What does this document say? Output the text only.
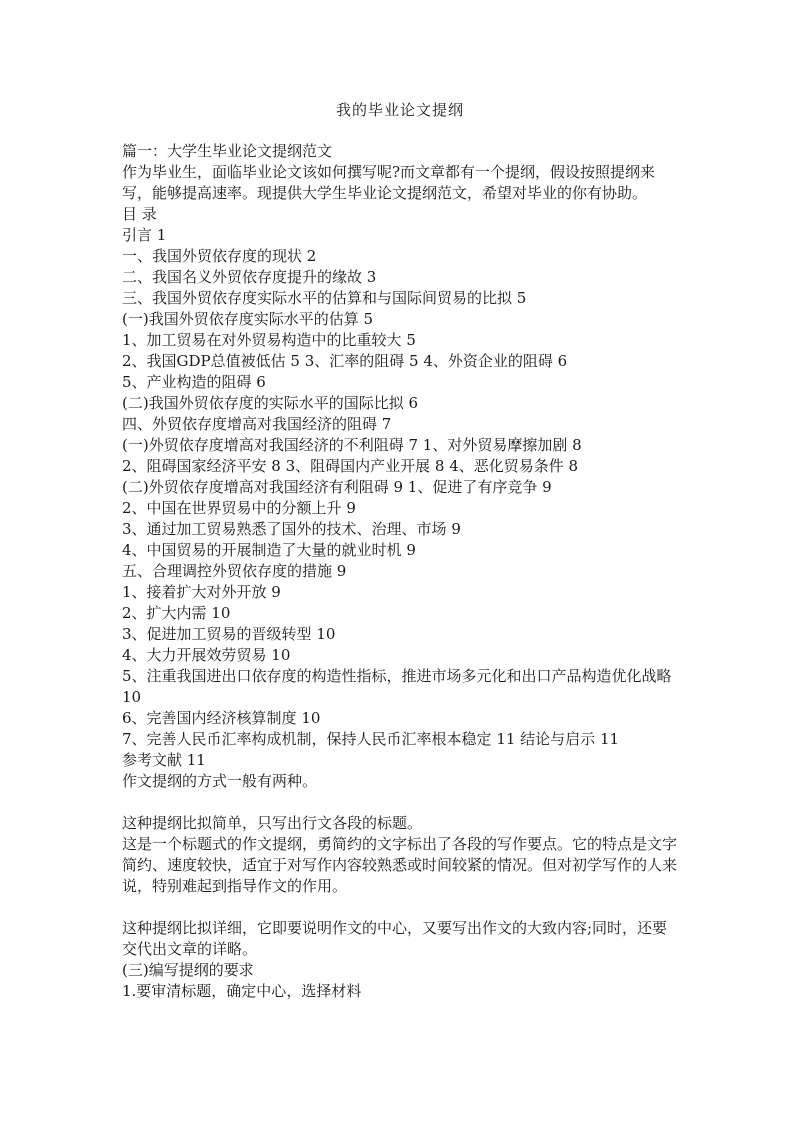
我的毕业论文提纲

篇一：大学生毕业论文提纲范文

作为毕业生，面临毕业论文该如何撰写呢?而文章都有一个提纲，假设按照提纲来写，能够提高速率。现提供大学生毕业论文提纲范文，希望对毕业的你有协助。

目 录

引言 1

一、我国外贸依存度的现状 2

二、我国名义外贸依存度提升的缘故 3

三、我国外贸依存度实际水平的估算和与国际间贸易的比拟 5

(一)我国外贸依存度实际水平的估算 5

1、加工贸易在对外贸易构造中的比重较大 5

2、我国GDP总值被低估 5 3、汇率的阻碍 5 4、外资企业的阻碍 6

5、产业构造的阻碍 6

(二)我国外贸依存度的实际水平的国际比拟 6

四、外贸依存度增高对我国经济的阻碍 7

(一)外贸依存度增高对我国经济的不利阻碍 7 1、对外贸易摩擦加剧 8

2、阻碍国家经济平安 8 3、阻碍国内产业开展 8 4、恶化贸易条件 8

(二)外贸依存度增高对我国经济有利阻碍 9 1、促进了有序竞争 9

2、中国在世界贸易中的分额上升 9

3、通过加工贸易熟悉了国外的技术、治理、市场 9

4、中国贸易的开展制造了大量的就业时机 9

五、合理调控外贸依存度的措施 9

1、接着扩大对外开放 9

2、扩大内需 10

3、促进加工贸易的晋级转型 10

4、大力开展效劳贸易 10

5、注重我国进出口依存度的构造性指标，推进市场多元化和出口产品构造优化战略 10

6、完善国内经济核算制度 10

7、完善人民币汇率构成机制，保持人民币汇率根本稳定 11 结论与启示 11

参考文献 11

作文提纲的方式一般有两种。

这种提纲比拟简单，只写出行文各段的标题。

这是一个标题式的作文提纲，勇简约的文字标出了各段的写作要点。它的特点是文字简约、速度较快，适宜于对写作内容较熟悉或时间较紧的情况。但对初学写作的人来说，特别难起到指导作文的作用。

这种提纲比拟详细，它即要说明作文的中心，又要写出作文的大致内容;同时，还要交代出文章的详略。

(三)编写提纲的要求

1.要审清标题，确定中心，选择材料
